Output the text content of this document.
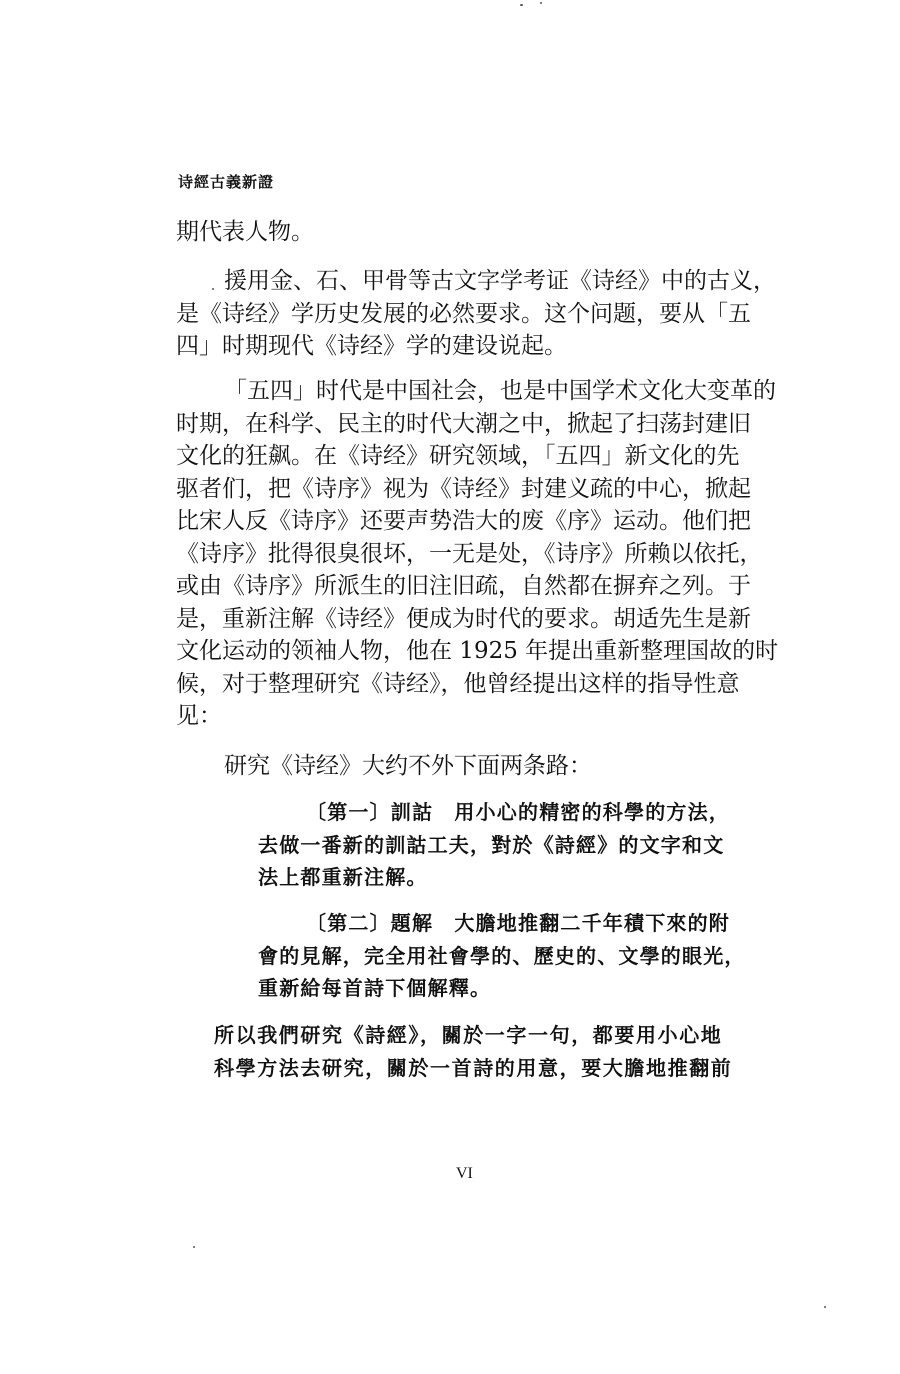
诗經古義新證
期代表人物。
援用金、石、甲骨等古文字学考证《诗经》中的古义，
是《诗经》学历史发展的必然要求。这个问题，要从「五
四」时期现代《诗经》学的建设说起。
「五四」时代是中国社会，也是中国学术文化大变革的
时期，在科学、民主的时代大潮之中，掀起了扫荡封建旧
文化的狂飙。在《诗经》研究领域，「五四」新文化的先
驱者们，把《诗序》视为《诗经》封建义疏的中心，掀起
比宋人反《诗序》还要声势浩大的废《序》运动。他们把
《诗序》批得很臭很坏，一无是处，《诗序》所赖以依托，
或由《诗序》所派生的旧注旧疏，自然都在摒弃之列。于
是，重新注解《诗经》便成为时代的要求。胡适先生是新
文化运动的领袖人物，他在 1925 年提出重新整理国故的时
候，对于整理研究《诗经》，他曾经提出这样的指导性意
见：
研究《诗经》大约不外下面两条路：
〔第一〕訓詁　用小心的精密的科學的方法，
去做一番新的訓詁工夫，對於《詩經》的文字和文
法上都重新注解。
〔第二〕題解　大膽地推翻二千年積下來的附
會的見解，完全用社會學的、歷史的、文學的眼光，
重新給每首詩下個解釋。
所以我們研究《詩經》，關於一字一句，都要用小心地
科學方法去研究，關於一首詩的用意，要大膽地推翻前
VI
